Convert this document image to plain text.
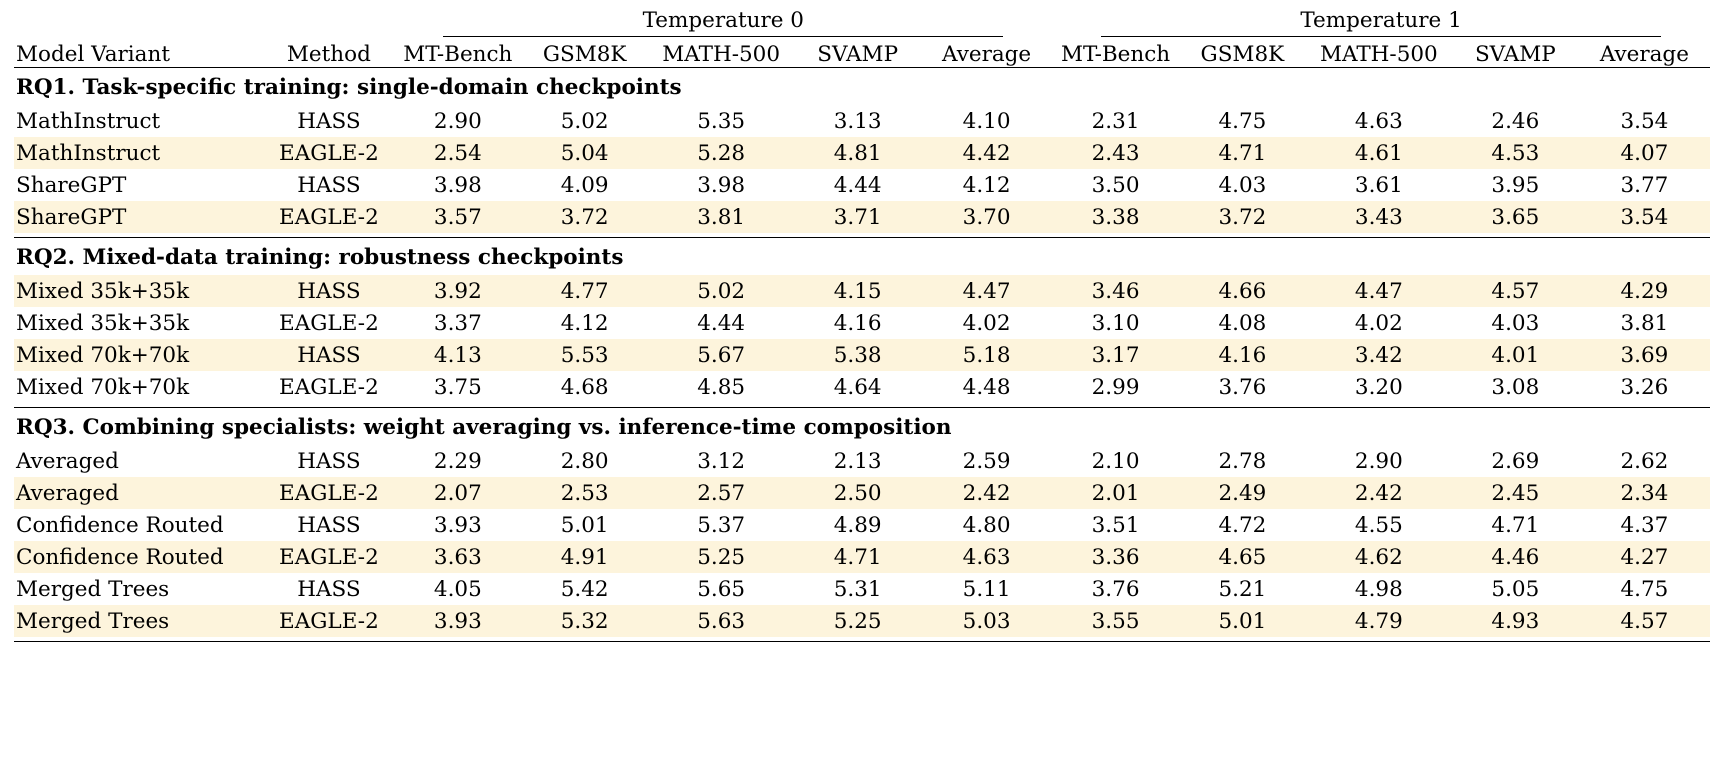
		Temperature 0					Temperature 1				

Model Variant	Method	MT-Bench	GSM8K	MATH-500	SVAMP	Average	MT-Bench	GSM8K	MATH-500	SVAMP	Average

RQ1. Task-specific training: single-domain checkpoints											
MathInstruct	HASS	2.90	5.02	5.35	3.13	4.10	2.31	4.75	4.63	2.46	3.54
MathInstruct	EAGLE-2	2.54	5.04	5.28	4.81	4.42	2.43	4.71	4.61	4.53	4.07
ShareGPT	HASS	3.98	4.09	3.98	4.44	4.12	3.50	4.03	3.61	3.95	3.77
ShareGPT	EAGLE-2	3.57	3.72	3.81	3.71	3.70	3.38	3.72	3.43	3.65	3.54

RQ2. Mixed-data training: robustness checkpoints											
Mixed 35k+35k	HASS	3.92	4.77	5.02	4.15	4.47	3.46	4.66	4.47	4.57	4.29
Mixed 35k+35k	EAGLE-2	3.37	4.12	4.44	4.16	4.02	3.10	4.08	4.02	4.03	3.81
Mixed 70k+70k	HASS	4.13	5.53	5.67	5.38	5.18	3.17	4.16	3.42	4.01	3.69
Mixed 70k+70k	EAGLE-2	3.75	4.68	4.85	4.64	4.48	2.99	3.76	3.20	3.08	3.26

RQ3. Combining specialists: weight averaging vs. inference-time composition											
Averaged	HASS	2.29	2.80	3.12	2.13	2.59	2.10	2.78	2.90	2.69	2.62
Averaged	EAGLE-2	2.07	2.53	2.57	2.50	2.42	2.01	2.49	2.42	2.45	2.34
Confidence Routed	HASS	3.93	5.01	5.37	4.89	4.80	3.51	4.72	4.55	4.71	4.37
Confidence Routed	EAGLE-2	3.63	4.91	5.25	4.71	4.63	3.36	4.65	4.62	4.46	4.27
Merged Trees	HASS	4.05	5.42	5.65	5.31	5.11	3.76	5.21	4.98	5.05	4.75
Merged Trees	EAGLE-2	3.93	5.32	5.63	5.25	5.03	3.55	5.01	4.79	4.93	4.57
